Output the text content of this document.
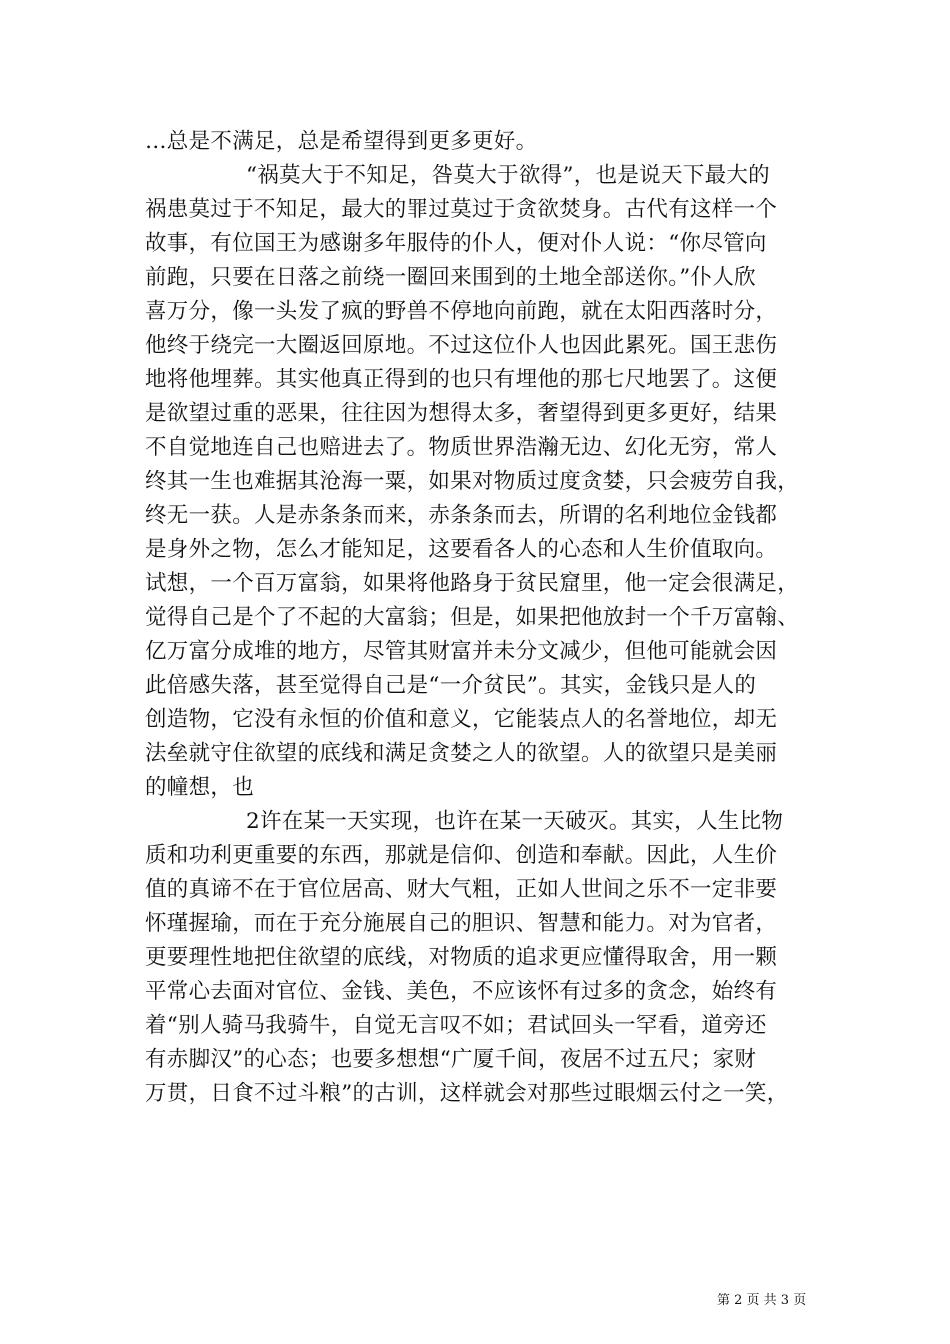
…总是不满足，总是希望得到更多更好。
“祸莫大于不知足，咎莫大于欲得”，也是说天下最大的
祸患莫过于不知足，最大的罪过莫过于贪欲焚身。古代有这样一个
故事，有位国王为感谢多年服侍的仆人，便对仆人说：“你尽管向
前跑，只要在日落之前绕一圈回来围到的土地全部送你。”仆人欣
喜万分，像一头发了疯的野兽不停地向前跑，就在太阳西落时分，
他终于绕完一大圈返回原地。不过这位仆人也因此累死。国王悲伤
地将他埋葬。其实他真正得到的也只有埋他的那七尺地罢了。这便
是欲望过重的恶果，往往因为想得太多，奢望得到更多更好，结果
不自觉地连自己也赔进去了。物质世界浩瀚无边、幻化无穷，常人
终其一生也难据其沧海一粟，如果对物质过度贪婪，只会疲劳自我，
终无一获。人是赤条条而来，赤条条而去，所谓的名利地位金钱都
是身外之物，怎么才能知足，这要看各人的心态和人生价值取向。
试想，一个百万富翁，如果将他路身于贫民窟里，他一定会很满足，
觉得自己是个了不起的大富翁；但是，如果把他放封一个千万富翰、
亿万富分成堆的地方，尽管其财富并未分文减少，但他可能就会因
此倍感失落，甚至觉得自己是“一介贫民”。其实，金钱只是人的
创造物，它没有永恒的价值和意义，它能装点人的名誉地位，却无
法垒就守住欲望的底线和满足贪婪之人的欲望。人的欲望只是美丽
的幢想，也
2许在某一天实现，也许在某一天破灭。其实，人生比物
质和功利更重要的东西，那就是信仰、创造和奉献。因此，人生价
值的真谛不在于官位居高、财大气粗，正如人世间之乐不一定非要
怀瑾握瑜，而在于充分施展自己的胆识、智慧和能力。对为官者，
更要理性地把住欲望的底线，对物质的追求更应懂得取舍，用一颗
平常心去面对官位、金钱、美色，不应该怀有过多的贪念，始终有
着“别人骑马我骑牛，自觉无言叹不如；君试回头一罕看，道旁还
有赤脚汉”的心态；也要多想想“广厦千间，夜居不过五尺；家财
万贯，日食不过斗粮”的古训，这样就会对那些过眼烟云付之一笑，
第 2 页 共 3 页
